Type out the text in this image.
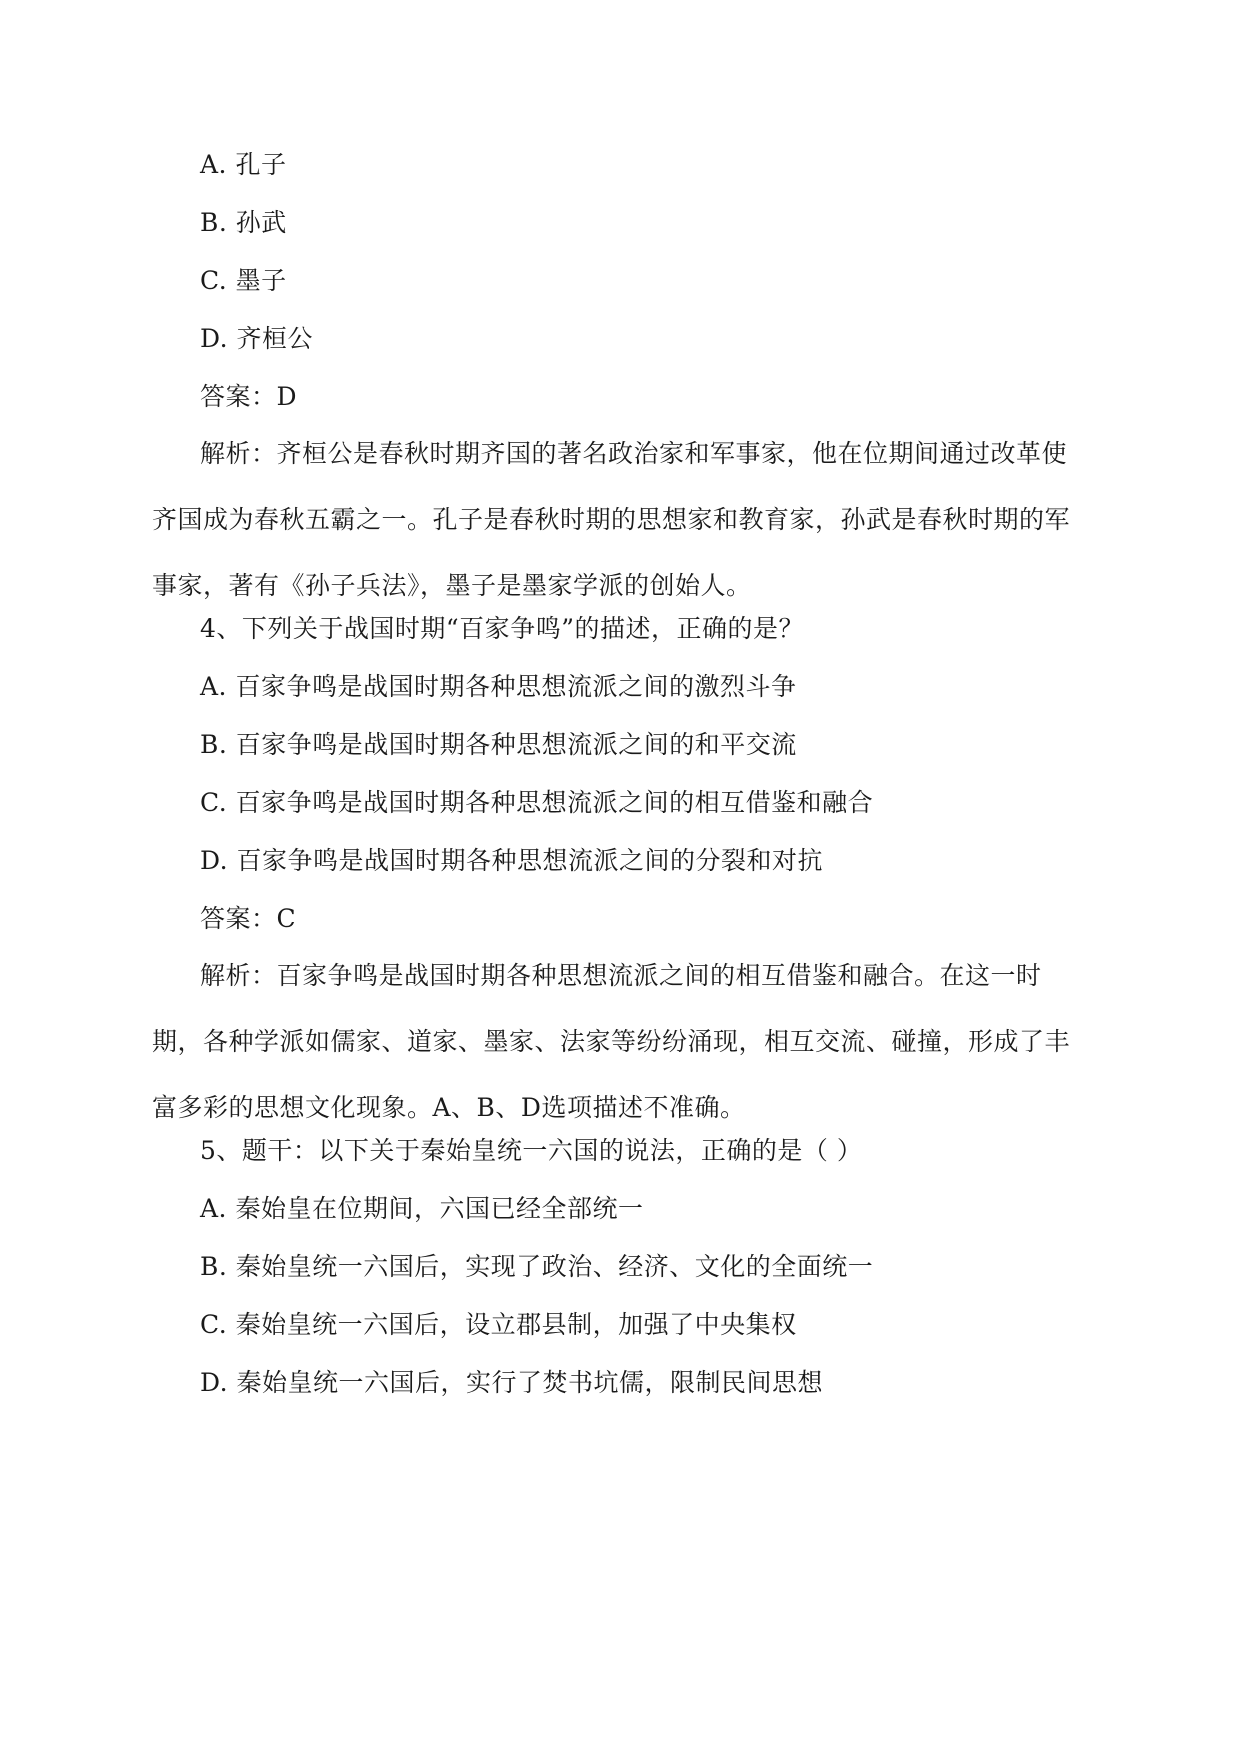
A. 孔子
B. 孙武
C. 墨子
D. 齐桓公
答案：D
解析：齐桓公是春秋时期齐国的著名政治家和军事家，他在位期间通过改革使齐国成为春秋五霸之一。孔子是春秋时期的思想家和教育家，孙武是春秋时期的军事家，著有《孙子兵法》，墨子是墨家学派的创始人。
4、下列关于战国时期“百家争鸣”的描述，正确的是？
A. 百家争鸣是战国时期各种思想流派之间的激烈斗争
B. 百家争鸣是战国时期各种思想流派之间的和平交流
C. 百家争鸣是战国时期各种思想流派之间的相互借鉴和融合
D. 百家争鸣是战国时期各种思想流派之间的分裂和对抗
答案：C
解析：百家争鸣是战国时期各种思想流派之间的相互借鉴和融合。在这一时期，各种学派如儒家、道家、墨家、法家等纷纷涌现，相互交流、碰撞，形成了丰富多彩的思想文化现象。A、B、D选项描述不准确。
5、题干：以下关于秦始皇统一六国的说法，正确的是（ ）
A. 秦始皇在位期间，六国已经全部统一
B. 秦始皇统一六国后，实现了政治、经济、文化的全面统一
C. 秦始皇统一六国后，设立郡县制，加强了中央集权
D. 秦始皇统一六国后，实行了焚书坑儒，限制民间思想
